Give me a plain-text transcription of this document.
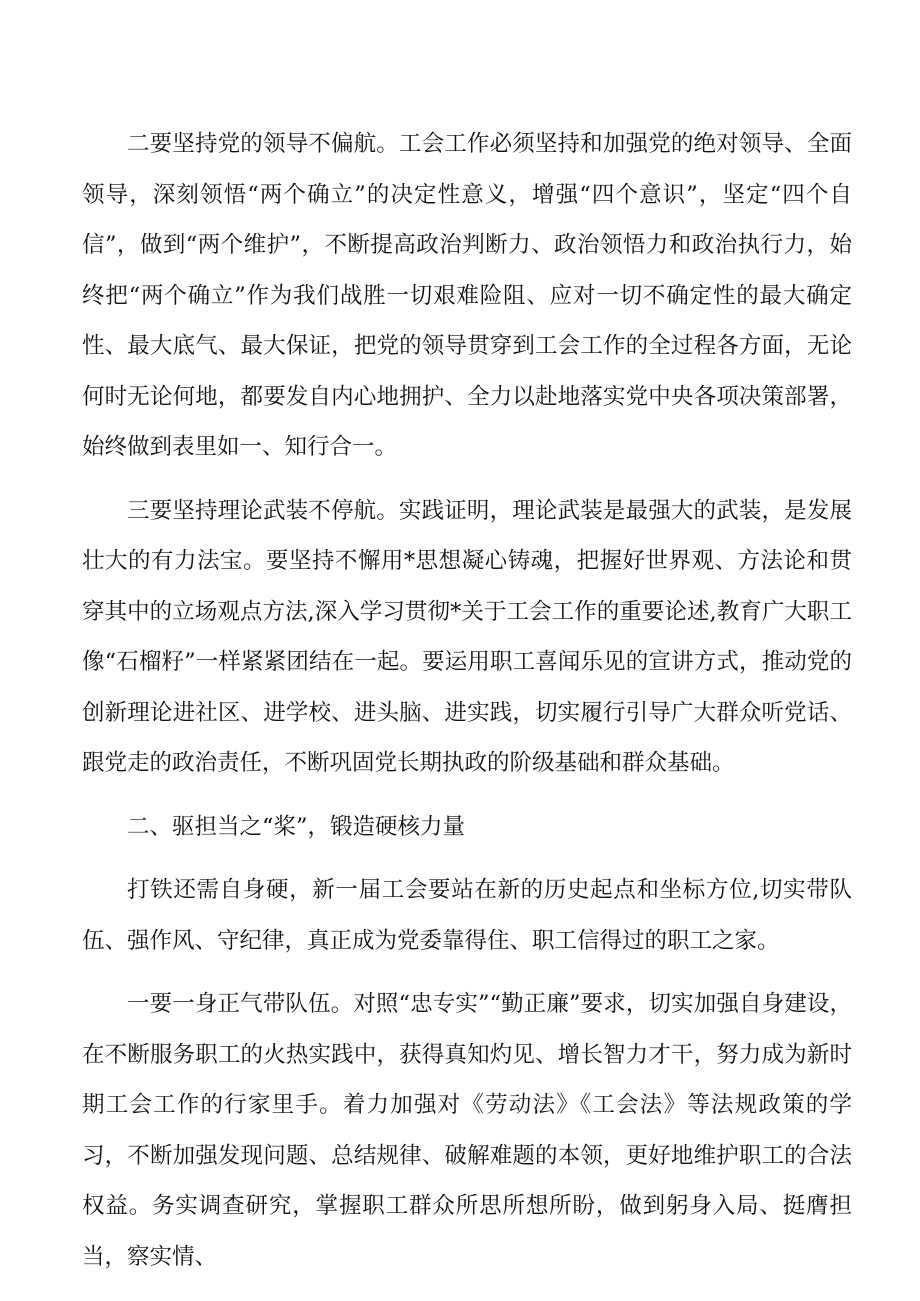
二要坚持党的领导不偏航。工会工作必须坚持和加强党的绝对领导、全面领导，深刻领悟“两个确立”的决定性意义，增强“四个意识”，坚定“四个自信”，做到“两个维护”，不断提高政治判断力、政治领悟力和政治执行力，始终把“两个确立”作为我们战胜一切艰难险阻、应对一切不确定性的最大确定性、最大底气、最大保证，把党的领导贯穿到工会工作的全过程各方面，无论何时无论何地，都要发自内心地拥护、全力以赴地落实党中央各项决策部署，始终做到表里如一、知行合一。

三要坚持理论武装不停航。实践证明，理论武装是最强大的武装，是发展壮大的有力法宝。要坚持不懈用*思想凝心铸魂，把握好世界观、方法论和贯穿其中的立场观点方法,深入学习贯彻*关于工会工作的重要论述,教育广大职工像“石榴籽”一样紧紧团结在一起。要运用职工喜闻乐见的宣讲方式，推动党的创新理论进社区、进学校、进头脑、进实践，切实履行引导广大群众听党话、跟党走的政治责任，不断巩固党长期执政的阶级基础和群众基础。

二、驱担当之“桨”，锻造硬核力量

打铁还需自身硬，新一届工会要站在新的历史起点和坐标方位,切实带队伍、强作风、守纪律，真正成为党委靠得住、职工信得过的职工之家。

一要一身正气带队伍。对照“忠专实”“勤正廉”要求，切实加强自身建设，在不断服务职工的火热实践中，获得真知灼见、增长智力才干，努力成为新时期工会工作的行家里手。着力加强对《劳动法》《工会法》等法规政策的学习，不断加强发现问题、总结规律、破解难题的本领，更好地维护职工的合法权益。务实调查研究，掌握职工群众所思所想所盼，做到躬身入局、挺膺担当，察实情、
